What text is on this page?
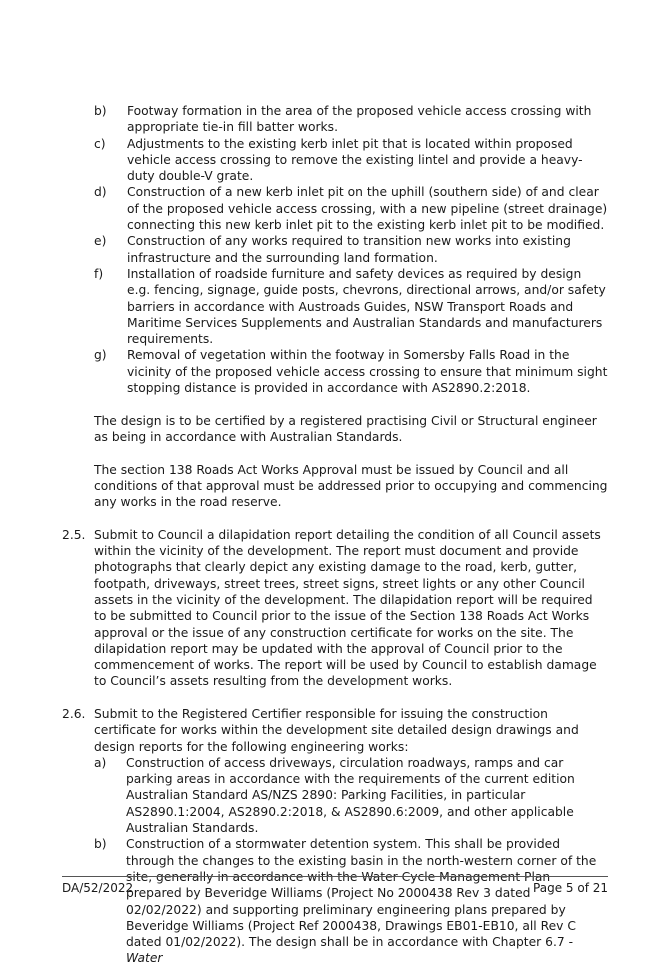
b)	Footway formation in the area of the proposed vehicle access crossing with appropriate tie-in fill batter works.
c)	Adjustments to the existing kerb inlet pit that is located within proposed vehicle access crossing to remove the existing lintel and provide a heavy-duty double-V grate.
d)	Construction of a new kerb inlet pit on the uphill (southern side) of and clear of the proposed vehicle access crossing, with a new pipeline (street drainage) connecting this new kerb inlet pit to the existing kerb inlet pit to be modified.
e)	Construction of any works required to transition new works into existing infrastructure and the surrounding land formation.
f)	Installation of roadside furniture and safety devices as required by design e.g. fencing, signage, guide posts, chevrons, directional arrows, and/or safety barriers in accordance with Austroads Guides, NSW Transport Roads and Maritime Services Supplements and Australian Standards and manufacturers requirements.
g)	Removal of vegetation within the footway in Somersby Falls Road in the vicinity of the proposed vehicle access crossing to ensure that minimum sight stopping distance is provided in accordance with AS2890.2:2018.
The design is to be certified by a registered practising Civil or Structural engineer as being in accordance with Australian Standards.
The section 138 Roads Act Works Approval must be issued by Council and all conditions of that approval must be addressed prior to occupying and commencing any works in the road reserve.
2.5. Submit to Council a dilapidation report detailing the condition of all Council assets within the vicinity of the development. The report must document and provide photographs that clearly depict any existing damage to the road, kerb, gutter, footpath, driveways, street trees, street signs, street lights or any other Council assets in the vicinity of the development. The dilapidation report will be required to be submitted to Council prior to the issue of the Section 138 Roads Act Works approval or the issue of any construction certificate for works on the site. The dilapidation report may be updated with the approval of Council prior to the commencement of works. The report will be used by Council to establish damage to Council’s assets resulting from the development works.
2.6. Submit to the Registered Certifier responsible for issuing the construction certificate for works within the development site detailed design drawings and design reports for the following engineering works:
a)	Construction of access driveways, circulation roadways, ramps and car parking areas in accordance with the requirements of the current edition Australian Standard AS/NZS 2890: Parking Facilities, in particular AS2890.1:2004, AS2890.2:2018, & AS2890.6:2009, and other applicable Australian Standards.
b)	Construction of a stormwater detention system. This shall be provided through the changes to the existing basin in the north-western corner of the site, generally in accordance with the Water Cycle Management Plan prepared by Beveridge Williams (Project No 2000438 Rev 3 dated 02/02/2022) and supporting preliminary engineering plans prepared by Beveridge Williams (Project Ref 2000438, Drawings EB01-EB10, all Rev C dated 01/02/2022). The design shall be in accordance with Chapter 6.7 - Water
DA/52/2022	Page 5 of 21
